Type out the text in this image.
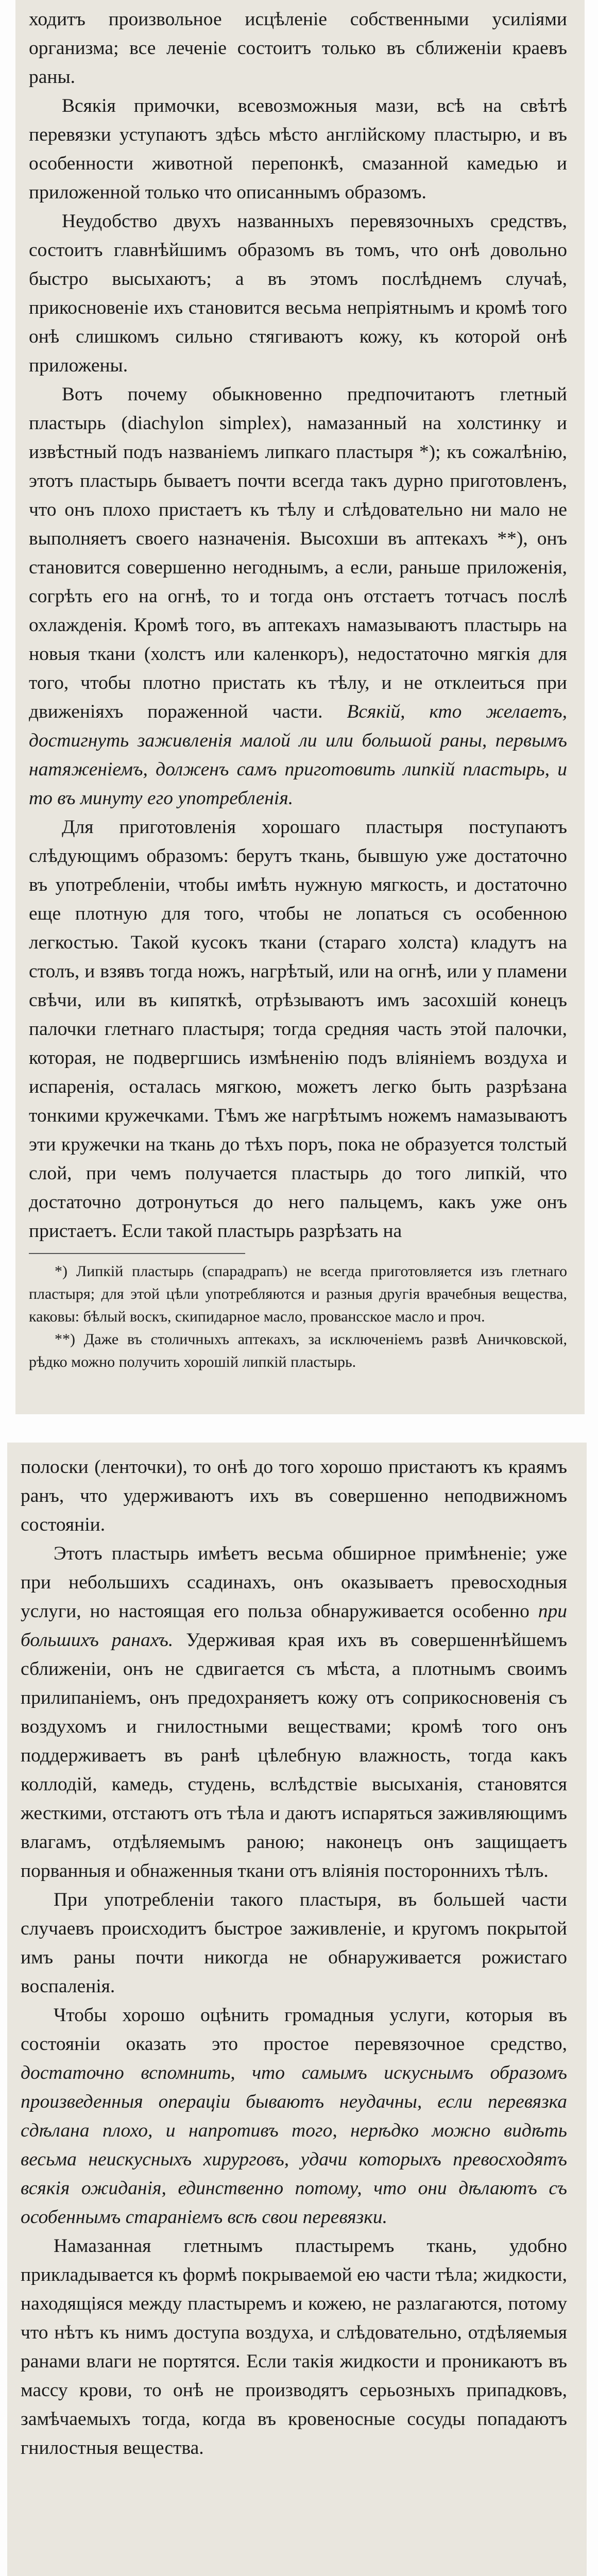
ходитъ произвольное исцѣленіе собственными усиліями организма; все леченіе состоитъ только въ сближеніи краевъ раны.

Всякія примочки, всевозможныя мази, всѣ на свѣтѣ перевязки уступаютъ здѣсь мѣсто англійскому пластырю, и въ особенности животной перепонкѣ, смазанной камедью и приложенной только что описаннымъ образомъ.

Неудобство двухъ названныхъ перевязочныхъ средствъ, состоитъ главнѣйшимъ образомъ въ томъ, что онѣ довольно быстро высыхаютъ; а въ этомъ послѣднемъ случаѣ, прикосновеніе ихъ становится весьма непріятнымъ и кромѣ того онѣ слишкомъ сильно стягиваютъ кожу, къ которой онѣ приложены.

Вотъ почему обыкновенно предпочитаютъ глетный пластырь (diachylon simplex), намазанный на холстинку и извѣстный подъ названіемъ липкаго пластыря *); къ сожалѣнію, этотъ пластырь бываетъ почти всегда такъ дурно приготовленъ, что онъ плохо пристаетъ къ тѣлу и слѣдовательно ни мало не выполняетъ своего назначенія. Высохши въ аптекахъ **), онъ становится совершенно негоднымъ, а если, раньше приложенія, согрѣть его на огнѣ, то и тогда онъ отстаетъ тотчасъ послѣ охлажденія. Кромѣ того, въ аптекахъ намазываютъ пластырь на новыя ткани (холстъ или каленкоръ), недостаточно мягкія для того, чтобы плотно пристать къ тѣлу, и не отклеиться при движеніяхъ пораженной части. Всякій, кто желаетъ, достигнуть заживленія малой ли или большой раны, первымъ натяженіемъ, долженъ самъ приготовить липкій пластырь, и то въ минуту его употребленія.

Для приготовленія хорошаго пластыря поступаютъ слѣдующимъ образомъ: берутъ ткань, бывшую уже достаточно въ употребленіи, чтобы имѣть нужную мягкость, и достаточно еще плотную для того, чтобы не лопаться съ особенною легкостью. Такой кусокъ ткани (стараго холста) кладутъ на столъ, и взявъ тогда ножъ, нагрѣтый, или на огнѣ, или у пламени свѣчи, или въ кипяткѣ, отрѣзываютъ имъ засохшій конецъ палочки глетнаго пластыря; тогда средняя часть этой палочки, которая, не подвергшись измѣненію подъ вліяніемъ воздуха и испаренія, осталась мягкою, можетъ легко быть разрѣзана тонкими кружечками. Тѣмъ же нагрѣтымъ ножемъ намазываютъ эти кружечки на ткань до тѣхъ поръ, пока не образуется толстый слой, при чемъ получается пластырь до того липкій, что достаточно дотронуться до него пальцемъ, какъ уже онъ пристаетъ. Если такой пластырь разрѣзать на

*) Липкій пластырь (спарадрапъ) не всегда приготовляется изъ глетнаго пластыря; для этой цѣли употребляются и разныя другія врачебныя вещества, каковы: бѣлый воскъ, скипидарное масло, провансское масло и проч.

**) Даже въ столичныхъ аптекахъ, за исключеніемъ развѣ Аничковской, рѣдко можно получить хорошій липкій пластырь.

полоски (ленточки), то онѣ до того хорошо пристаютъ къ краямъ ранъ, что удерживаютъ ихъ въ совершенно неподвижномъ состояніи.

Этотъ пластырь имѣетъ весьма обширное примѣненіе; уже при небольшихъ ссадинахъ, онъ оказываетъ превосходныя услуги, но настоящая его польза обнаруживается особенно при большихъ ранахъ. Удерживая края ихъ въ совершеннѣйшемъ сближеніи, онъ не сдвигается съ мѣста, а плотнымъ своимъ прилипаніемъ, онъ предохраняетъ кожу отъ соприкосновенія съ воздухомъ и гнилостными веществами; кромѣ того онъ поддерживаетъ въ ранѣ цѣлебную влажность, тогда какъ коллодій, камедь, студень, вслѣдствіе высыханія, становятся жесткими, отстаютъ отъ тѣла и даютъ испаряться заживляющимъ влагамъ, отдѣляемымъ раною; наконецъ онъ защищаетъ порванныя и обнаженныя ткани отъ вліянія постороннихъ тѣлъ.

При употребленіи такого пластыря, въ большей части случаевъ происходитъ быстрое заживленіе, и кругомъ покрытой имъ раны почти никогда не обнаруживается рожистаго воспаленія.

Чтобы хорошо оцѣнить громадныя услуги, которыя въ состояніи оказать это простое перевязочное средство, достаточно вспомнить, что самымъ искуснымъ образомъ произведенныя операціи бываютъ неудачны, если перевязка сдѣлана плохо, и напротивъ того, нерѣдко можно видѣть весьма неискусныхъ хирурговъ, удачи которыхъ превосходятъ всякія ожиданія, единственно потому, что они дѣлаютъ съ особеннымъ стараніемъ всѣ свои перевязки.

Намазанная глетнымъ пластыремъ ткань, удобно прикладывается къ формѣ покрываемой ею части тѣла; жидкости, находящіяся между пластыремъ и кожею, не разлагаются, потому что нѣтъ къ нимъ доступа воздуха, и слѣдовательно, отдѣляемыя ранами влаги не портятся. Если такія жидкости и проникаютъ въ массу крови, то онѣ не производятъ серьозныхъ припадковъ, замѣчаемыхъ тогда, когда въ кровеносные сосуды попадаютъ гнилостныя вещества.
